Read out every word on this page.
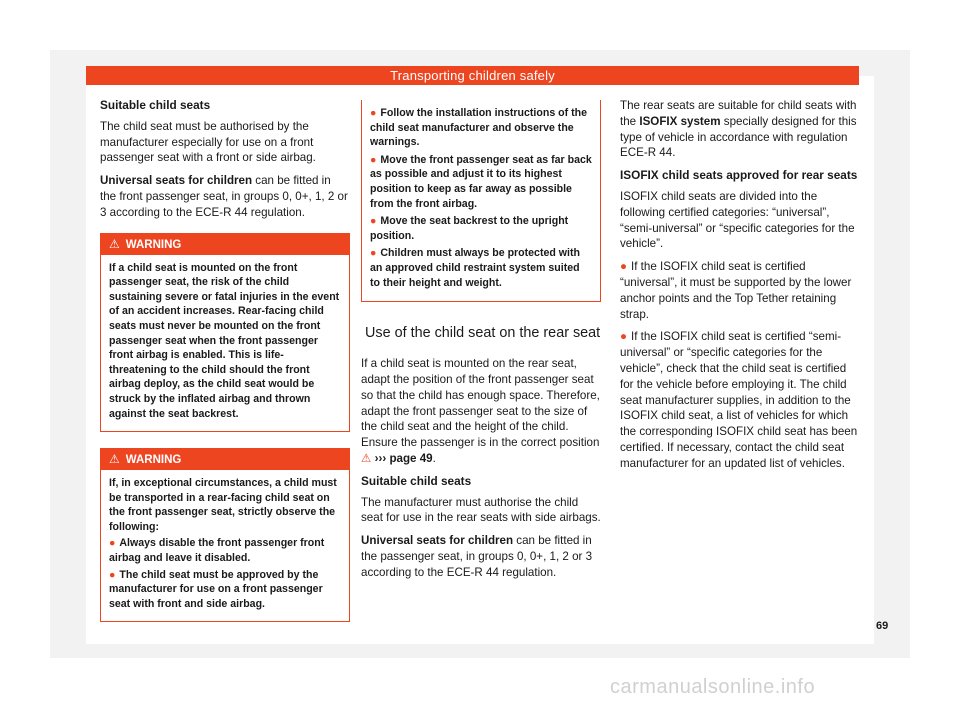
Transporting children safely

Suitable child seats

The child seat must be authorised by the manufacturer especially for use on a front passenger seat with a front or side airbag.

Universal seats for children can be fitted in the front passenger seat, in groups 0, 0+, 1, 2 or 3 according to the ECE-R 44 regulation.

⚠ WARNING

If a child seat is mounted on the front passenger seat, the risk of the child sustaining severe or fatal injuries in the event of an accident increases. Rear-facing child seats must never be mounted on the front passenger seat when the front passenger front airbag is enabled. This is life-threatening to the child should the front airbag deploy, as the child seat would be struck by the inflated airbag and thrown against the seat backrest.

⚠ WARNING

If, in exceptional circumstances, a child must be transported in a rear-facing child seat on the front passenger seat, strictly observe the following:

● Always disable the front passenger front airbag and leave it disabled.

● The child seat must be approved by the manufacturer for use on a front passenger seat with front and side airbag.

● Follow the installation instructions of the child seat manufacturer and observe the warnings.

● Move the front passenger seat as far back as possible and adjust it to its highest position to keep as far away as possible from the front airbag.

● Move the seat backrest to the upright position.

● Children must always be protected with an approved child restraint system suited to their height and weight.

Use of the child seat on the rear seat

If a child seat is mounted on the rear seat, adapt the position of the front passenger seat so that the child has enough space. Therefore, adapt the front passenger seat to the size of the child seat and the height of the child. Ensure the passenger is in the correct position ⚠ ››› page 49.

Suitable child seats

The manufacturer must authorise the child seat for use in the rear seats with side airbags.

Universal seats for children can be fitted in the passenger seat, in groups 0, 0+, 1, 2 or 3 according to the ECE-R 44 regulation.

The rear seats are suitable for child seats with the ISOFIX system specially designed for this type of vehicle in accordance with regulation ECE-R 44.

ISOFIX child seats approved for rear seats

ISOFIX child seats are divided into the following certified categories: “universal”, “semi-universal” or “specific categories for the vehicle”.

● If the ISOFIX child seat is certified “universal”, it must be supported by the lower anchor points and the Top Tether retaining strap.

● If the ISOFIX child seat is certified “semi-universal” or “specific categories for the vehicle”, check that the child seat is certified for the vehicle before employing it. The child seat manufacturer supplies, in addition to the ISOFIX child seat, a list of vehicles for which the corresponding ISOFIX child seat has been certified. If necessary, contact the child seat manufacturer for an updated list of vehicles.

69
carmanualsonline.info
